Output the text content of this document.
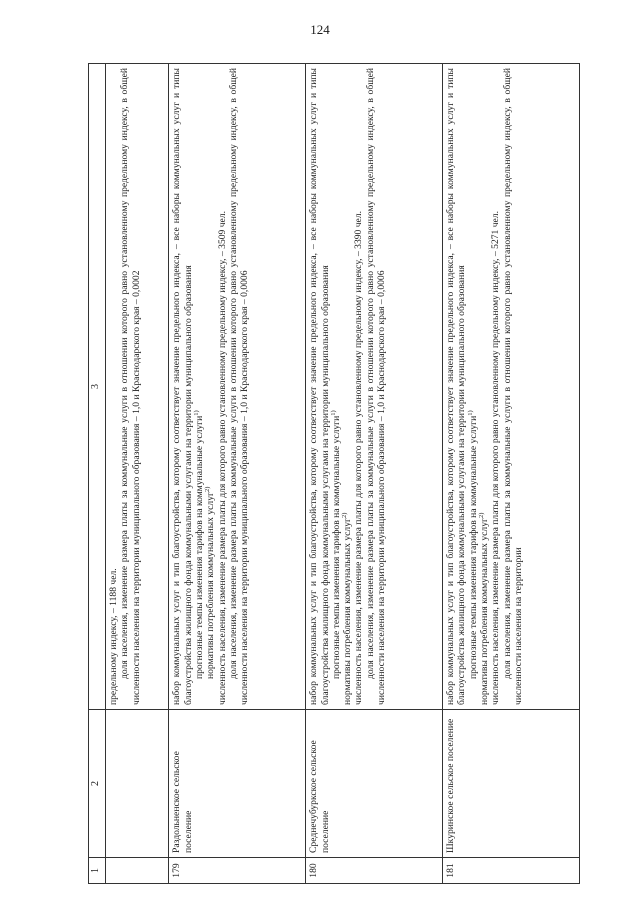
124
1	2	3

		предельному индексу, – 1188 чел. доля населения, изменение размера платы за коммунальные услуги в отношении которого равно установленному предельному индексу, в общей численности населения на территории муниципального образования – 1,0 и Краснодарского края – 0,0002

179	Раздольненское сельское поселение	набор коммунальных услуг и тип благоустройства, которому соответствует значение предельного индекса, – все наборы коммунальных услуг и типы благоустройства жилищного фонда коммунальными услугами на территории муниципального образования прогнозные темпы изменения тарифов на коммунальные услуги$^{1)}$

нормативы потребления коммунальных услуг$^{2)}$ численность населения, изменение размера платы для которого равно установленному предельному индексу, – 3509 чел. доля населения, изменение размера платы за коммунальные услуги в отношении которого равно установленному предельному индексу, в общей численности населения на территории муниципального образования – 1,0 и Краснодарского края – 0,0006

180	Среднечубуркское сельское поселение	набор коммунальных услуг и тип благоустройства, которому соответствует значение предельного индекса, – все наборы коммунальных услуг и типы благоустройства жилищного фонда коммунальными услугами на территории муниципального образования прогнозные темпы изменения тарифов на коммунальные услуги$^{1)}$

нормативы потребления коммунальных услуг$^{2)}$ численность населения, изменение размера платы для которого равно установленному предельному индексу, – 3390 чел. доля населения, изменение размера платы за коммунальные услуги в отношении которого равно установленному предельному индексу, в общей численности населения на территории муниципального образования – 1,0 и Краснодарского края – 0,0006

181	Шкуринское сельское поселение	набор коммунальных услуг и тип благоустройства, которому соответствует значение предельного индекса, – все наборы коммунальных услуг и типы благоустройства жилищного фонда коммунальными услугами на территории муниципального образования прогнозные темпы изменения тарифов на коммунальные услуги$^{1)}$

нормативы потребления коммунальных услуг$^{2)}$ численность населения, изменение размера платы для которого равно установленному предельному индексу, – 5271 чел. доля населения, изменение размера платы за коммунальные услуги в отношении которого равно установленному предельному индексу, в общей численности населения на территории
